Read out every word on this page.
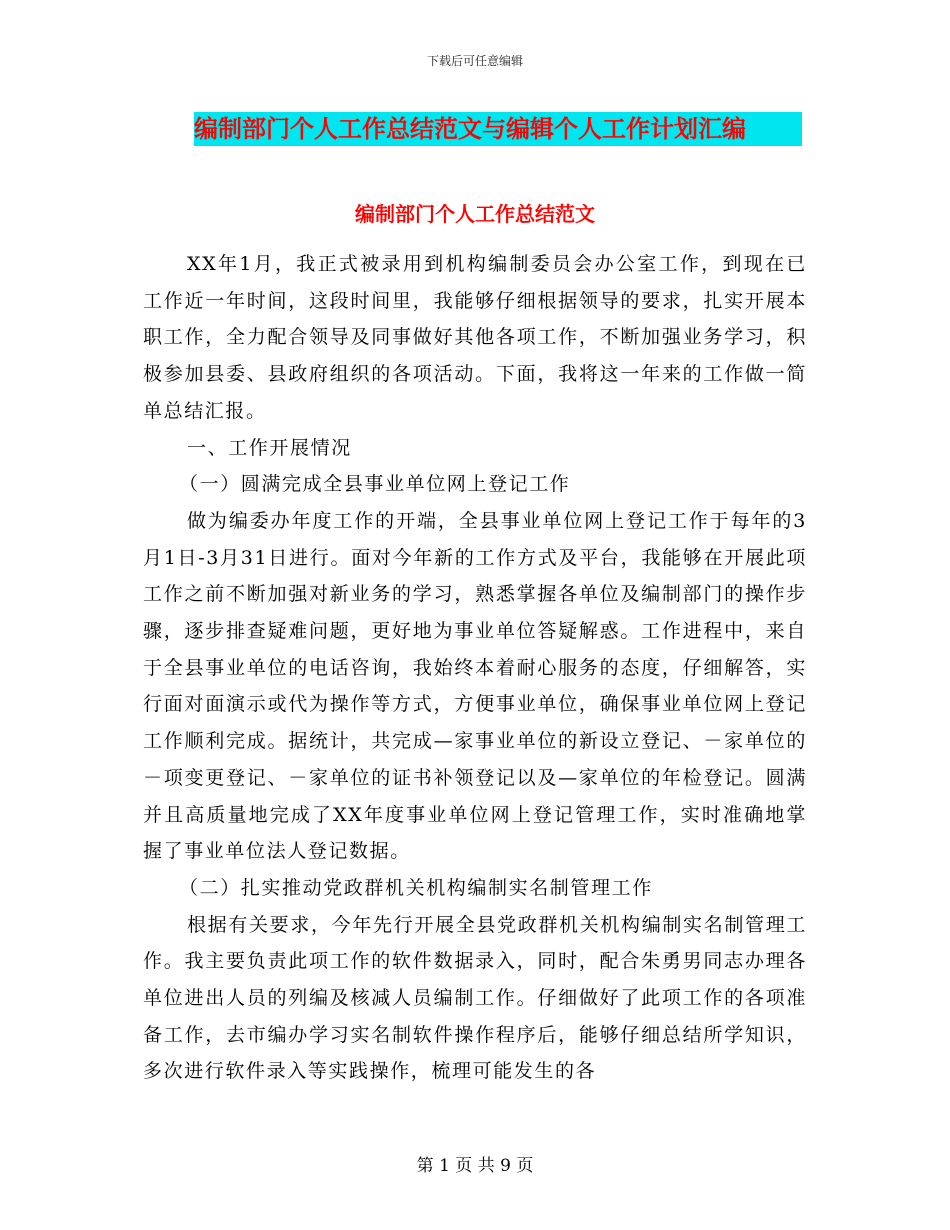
下载后可任意编辑
编制部门个人工作总结范文与编辑个人工作计划汇编
编制部门个人工作总结范文

XX年1月，我正式被录用到机构编制委员会办公室工作，到现在已工作近一年时间，这段时间里，我能够仔细根据领导的要求，扎实开展本职工作，全力配合领导及同事做好其他各项工作，不断加强业务学习，积极参加县委、县政府组织的各项活动。下面，我将这一年来的工作做一简单总结汇报。

一、工作开展情况

（一）圆满完成全县事业单位网上登记工作

做为编委办年度工作的开端，全县事业单位网上登记工作于每年的3月1日-3月31日进行。面对今年新的工作方式及平台，我能够在开展此项工作之前不断加强对新业务的学习，熟悉掌握各单位及编制部门的操作步骤，逐步排查疑难问题，更好地为事业单位答疑解惑。工作进程中，来自于全县事业单位的电话咨询，我始终本着耐心服务的态度，仔细解答，实行面对面演示或代为操作等方式，方便事业单位，确保事业单位网上登记工作顺利完成。据统计，共完成—家事业单位的新设立登记、－家单位的－项变更登记、－家单位的证书补领登记以及—家单位的年检登记。圆满并且高质量地完成了XX年度事业单位网上登记管理工作，实时准确地掌握了事业单位法人登记数据。

（二）扎实推动党政群机关机构编制实名制管理工作

根据有关要求，今年先行开展全县党政群机关机构编制实名制管理工作。我主要负责此项工作的软件数据录入，同时，配合朱勇男同志办理各单位进出人员的列编及核减人员编制工作。仔细做好了此项工作的各项准备工作，去市编办学习实名制软件操作程序后，能够仔细总结所学知识，多次进行软件录入等实践操作，梳理可能发生的各

第 1 页 共 9 页
